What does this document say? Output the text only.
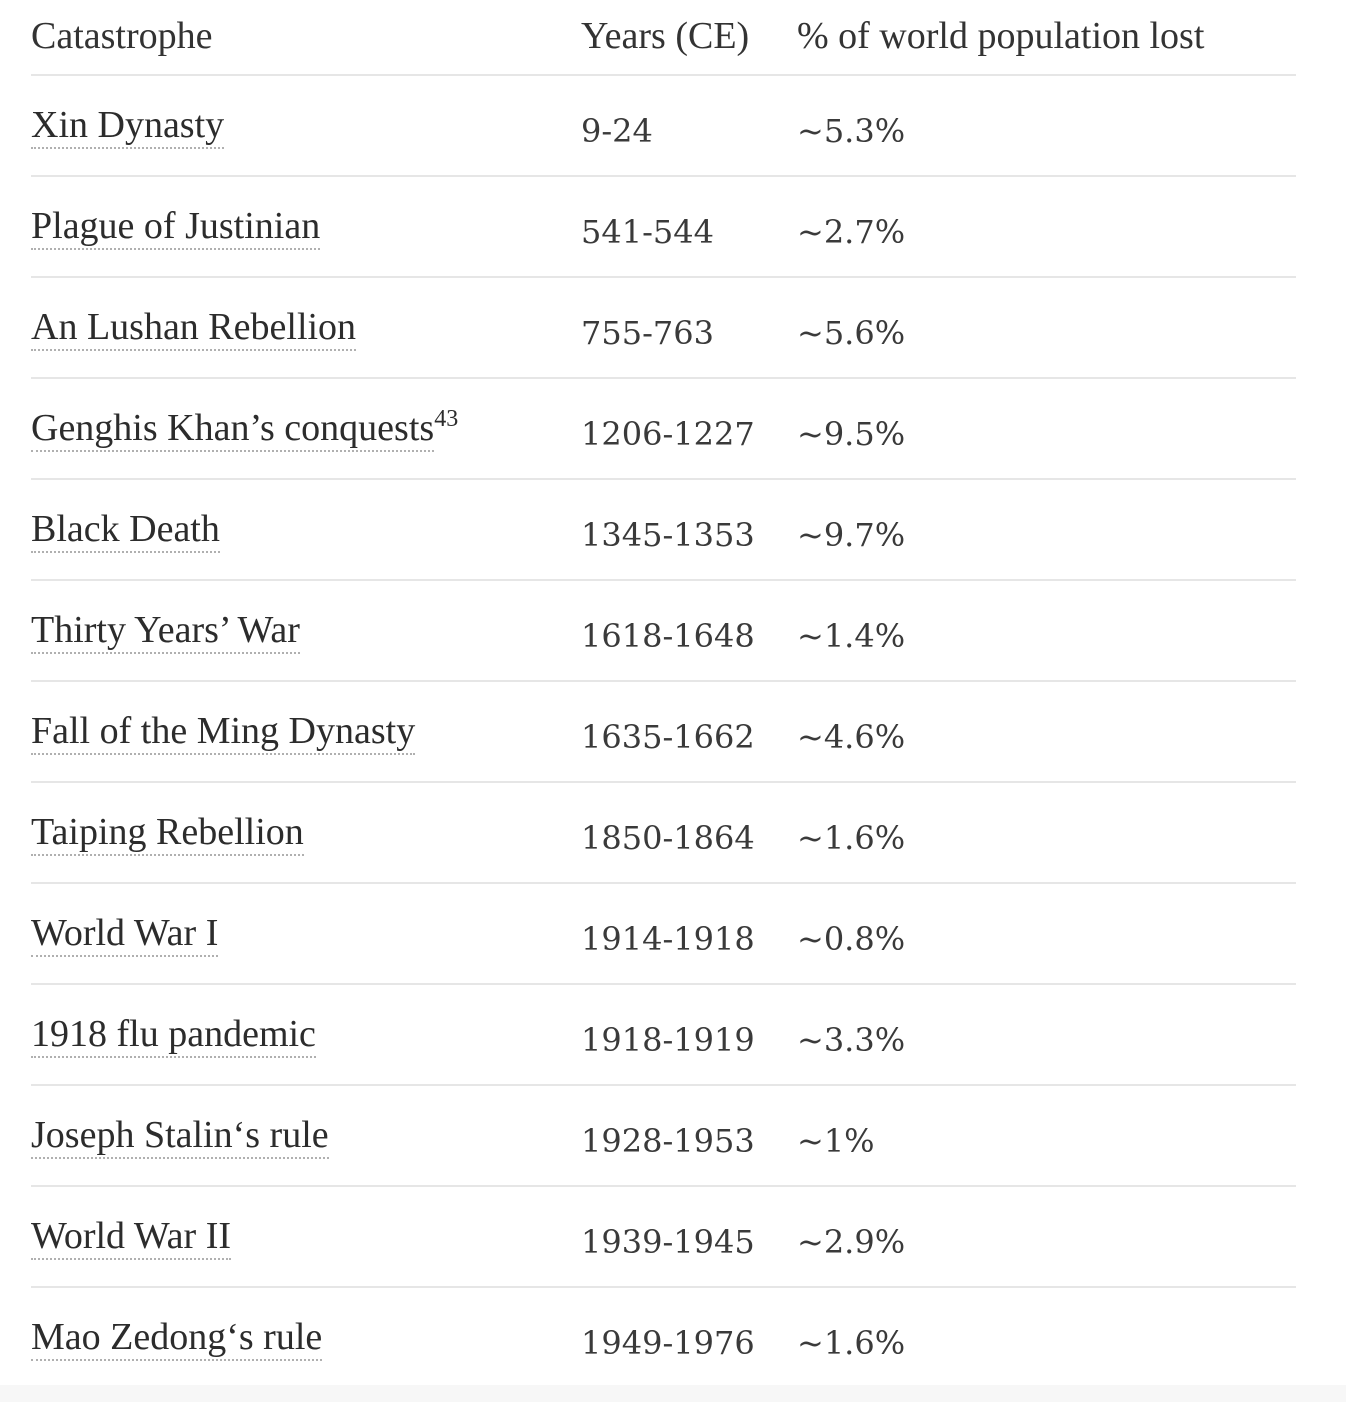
Catastrophe	Years (CE) % of world population lost
Xin Dynasty	9-24	~5.3%
Plague of Justinian	541-544	~2.7%
An Lushan Rebellion	755-763	~5.6%
Genghis Khan’s conquests$^{43}$	1206-1227 ~9.5%
Black Death	1345-1353 ~9.7%
Thirty Years’ War	1618-1648 ~1.4%
Fall of the Ming Dynasty	1635-1662 ~4.6%
Taiping Rebellion	1850-1864 ~1.6%
World War I	1914-1918 ~0.8%
1918 flu pandemic	1918-1919 ~3.3%
Joseph Stalin‘s rule	1928-1953 ~1%
World War II	1939-1945 ~2.9%
Mao Zedong‘s rule	1949-1976 ~1.6%
